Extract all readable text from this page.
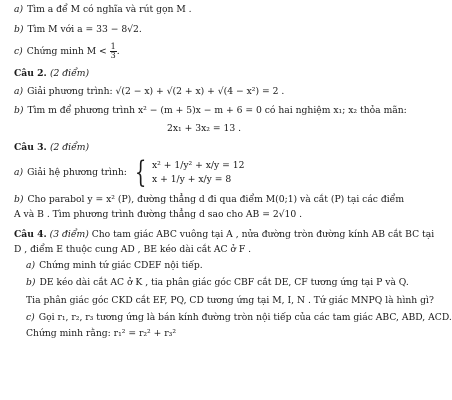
a) Tìm a để M có nghĩa và rút gọn M .
b) Tìm M với a = 33 − 8√2.
c) Chứng minh $M < \frac{1}{3}$ .
Câu 2. (2 điểm)
a) Giải phương trình: √(2 − x) + √(2 + x) + √(4 − x²) = 2 .
b) Tìm m để phương trình x² − (m + 5)x − m + 6 = 0 có hai nghiệm x₁; x₂ thỏa mãn:
2x₁ + 3x₂ = 13 .
Câu 3. (2 điểm)
a) Giải hệ phương trình: { x² + 1/y² + x/y = 12
x + 1/y + x/y = 8
b) Cho parabol y = x² (P), đường thẳng d đi qua điểm M(0;1) và cắt (P) tại các điểm
A và B . Tìm phương trình đường thẳng d sao cho AB = 2√10 .
Câu 4. (3 điểm) Cho tam giác ABC vuông tại A , nửa đường tròn đường kính AB cắt BC tại
D , điểm E thuộc cung AD , BE kéo dài cắt AC ở F .
a) Chứng minh tứ giác CDEF nội tiếp.
b) DE kéo dài cắt AC ở K , tia phân giác góc CBF cắt DE, CF tương ứng tại P và Q.
Tia phân giác góc CKD cắt EF, PQ, CD tương ứng tại M, I, N . Tứ giác MNPQ là hình gì?
c) Gọi r₁, r₂, r₃ tương ứng là bán kính đường tròn nội tiếp của các tam giác ABC, ABD, ACD.
Chứng minh rằng: r₁² = r₂² + r₃²
